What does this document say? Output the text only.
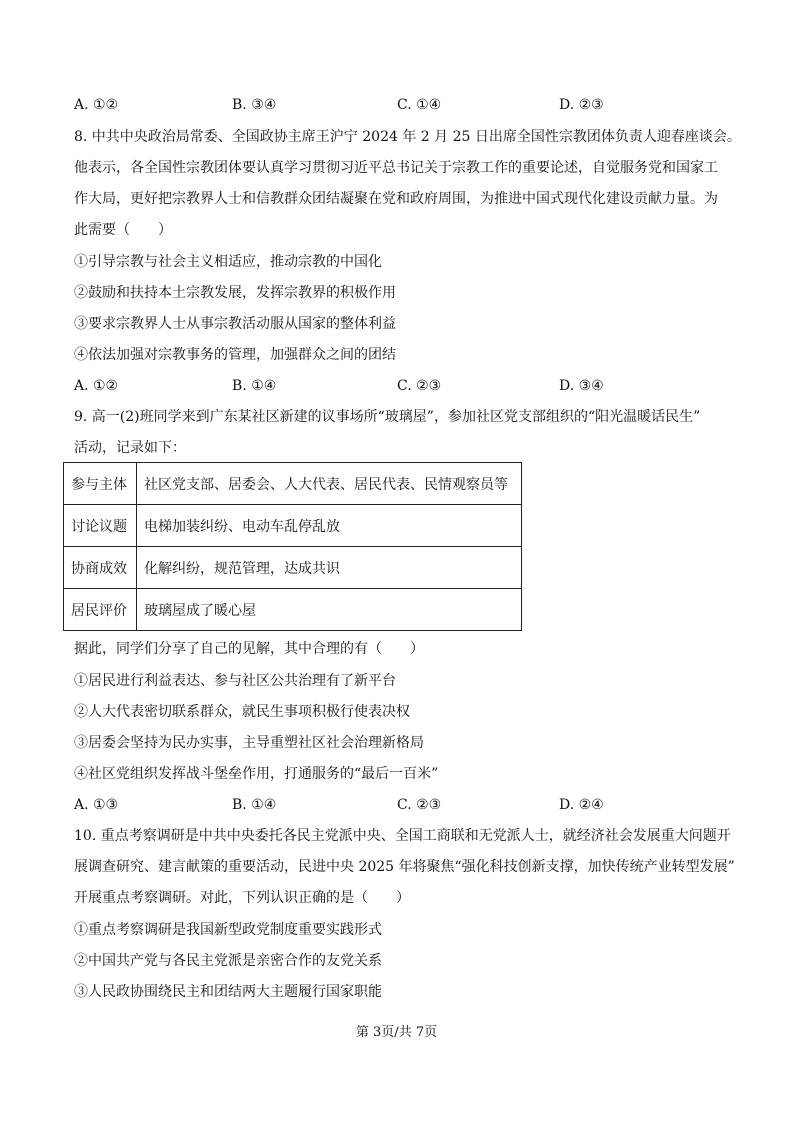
A. ①②	B. ③④	C. ①④	D. ②③
8. 中共中央政治局常委、全国政协主席王沪宁 2024 年 2 月 25 日出席全国性宗教团体负责人迎春座谈会。
他表示，各全国性宗教团体要认真学习贯彻习近平总书记关于宗教工作的重要论述，自觉服务党和国家工
作大局，更好把宗教界人士和信教群众团结凝聚在党和政府周围，为推进中国式现代化建设贡献力量。为
此需要（　　）
①引导宗教与社会主义相适应，推动宗教的中国化
②鼓励和扶持本土宗教发展，发挥宗教界的积极作用
③要求宗教界人士从事宗教活动服从国家的整体利益
④依法加强对宗教事务的管理，加强群众之间的团结
A. ①②	B. ①④	C. ②③	D. ③④
9. 高一(2)班同学来到广东某社区新建的议事场所“玻璃屋”，参加社区党支部组织的“阳光温暖话民生”
活动，记录如下：
参与主体	社区党支部、居委会、人大代表、居民代表、民情观察员等
讨论议题	电梯加装纠纷、电动车乱停乱放
协商成效	化解纠纷，规范管理，达成共识
居民评价	玻璃屋成了暖心屋
据此，同学们分享了自己的见解，其中合理的有（　　）
①居民进行利益表达、参与社区公共治理有了新平台
②人大代表密切联系群众，就民生事项积极行使表决权
③居委会坚持为民办实事，主导重塑社区社会治理新格局
④社区党组织发挥战斗堡垒作用，打通服务的“最后一百米”
A. ①③	B. ①④	C. ②③	D. ②④
10. 重点考察调研是中共中央委托各民主党派中央、全国工商联和无党派人士，就经济社会发展重大问题开
展调查研究、建言献策的重要活动，民进中央 2025 年将聚焦“强化科技创新支撑，加快传统产业转型发展”
开展重点考察调研。对此，下列认识正确的是（　　）
①重点考察调研是我国新型政党制度重要实践形式
②中国共产党与各民主党派是亲密合作的友党关系
③人民政协围绕民主和团结两大主题履行国家职能
第 3页/共 7页
